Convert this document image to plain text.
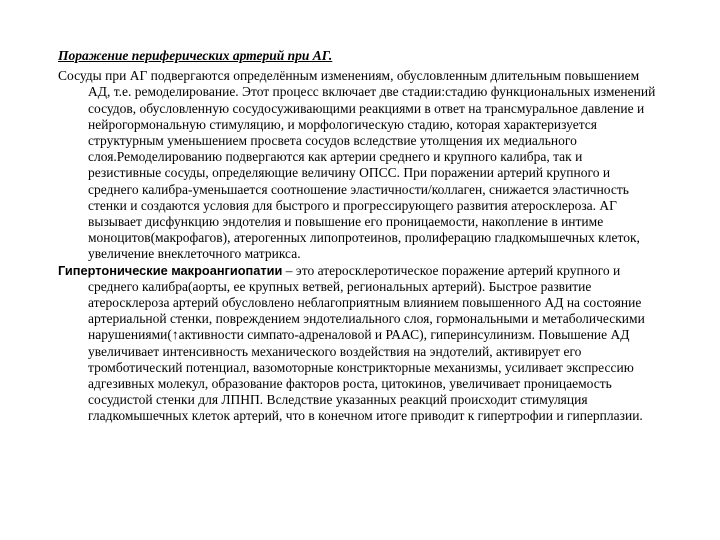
Поражение периферических артерий при АГ.

Сосуды при АГ подвергаются определённым изменениям, обусловленным длительным повышением АД, т.е. ремоделирование. Этот процесс включает две стадии:стадию функциональных изменений сосудов, обусловленную сосудосуживающими реакциями в ответ на трансмуральное давление и нейрогормональную стимуляцию, и морфологическую стадию, которая характеризуется структурным уменьшением просвета сосудов вследствие утолщения их медиального слоя.Ремоделированию подвергаются как артерии среднего и крупного калибра, так и резистивные сосуды, определяющие величину ОПСС. При поражении артерий крупного и среднего калибра-уменьшается соотношение эластичности/коллаген, снижается эластичность стенки и создаются условия для быстрого и прогрессирующего развития атеросклероза. АГ вызывает дисфункцию эндотелия и повышение его проницаемости, накопление в интиме моноцитов(макрофагов), атерогенных липопротеинов, пролиферацию гладкомышечных клеток, увеличение внеклеточного матрикса.

Гипертонические макроангиопатии – это атеросклеротическое поражение артерий крупного и среднего калибра(аорты, ее крупных ветвей, региональных артерий). Быстрое развитие атеросклероза артерий обусловлено неблагоприятным влиянием повышенного АД на состояние артериальной стенки, повреждением эндотелиального слоя, гормональными и метаболическими нарушениями(↑активности симпато-адреналовой и РААС), гиперинсулинизм. Повышение АД увеличивает интенсивность механического воздействия на эндотелий, активирует его тромботический потенциал, вазомоторные констрикторные механизмы, усиливает экспрессию адгезивных молекул, образование факторов роста, цитокинов, увеличивает проницаемость сосудистой стенки для ЛПНП. Вследствие указанных реакций происходит стимуляция гладкомышечных клеток артерий, что в конечном итоге приводит к гипертрофии и гиперплазии.
